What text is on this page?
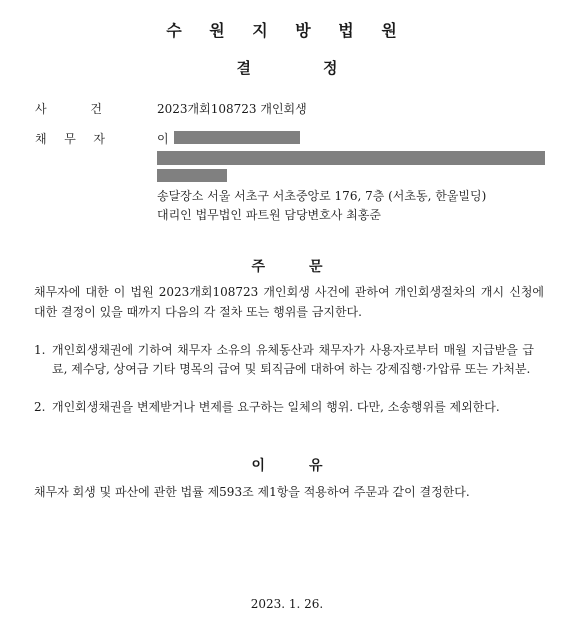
수 원 지 방 법 원
결	정
사	건	2023개회108723 개인회생
채 무 자	이
송달장소 서울 서초구 서초중앙로 176, 7층 (서초동, 한울빌딩)
대리인 법무법인 파트원 담당변호사 최홍준
주	문
채무자에 대한 이 법원 2023개회108723 개인회생 사건에 관하여 개인회생절차의 개시 신청에 대한 결정이 있을 때까지 다음의 각 절차 또는 행위를 금지한다.
1. 개인회생채권에 기하여 채무자 소유의 유체동산과 채무자가 사용자로부터 매월 지급받을 급료, 제수당, 상여금 기타 명목의 급여 및 퇴직금에 대하여 하는 강제집행·가압류 또는 가처분.
2. 개인회생채권을 변제받거나 변제를 요구하는 일체의 행위. 다만, 소송행위를 제외한다.
이	유
채무자 회생 및 파산에 관한 법률 제593조 제1항을 적용하여 주문과 같이 결정한다.
2023. 1. 26.
